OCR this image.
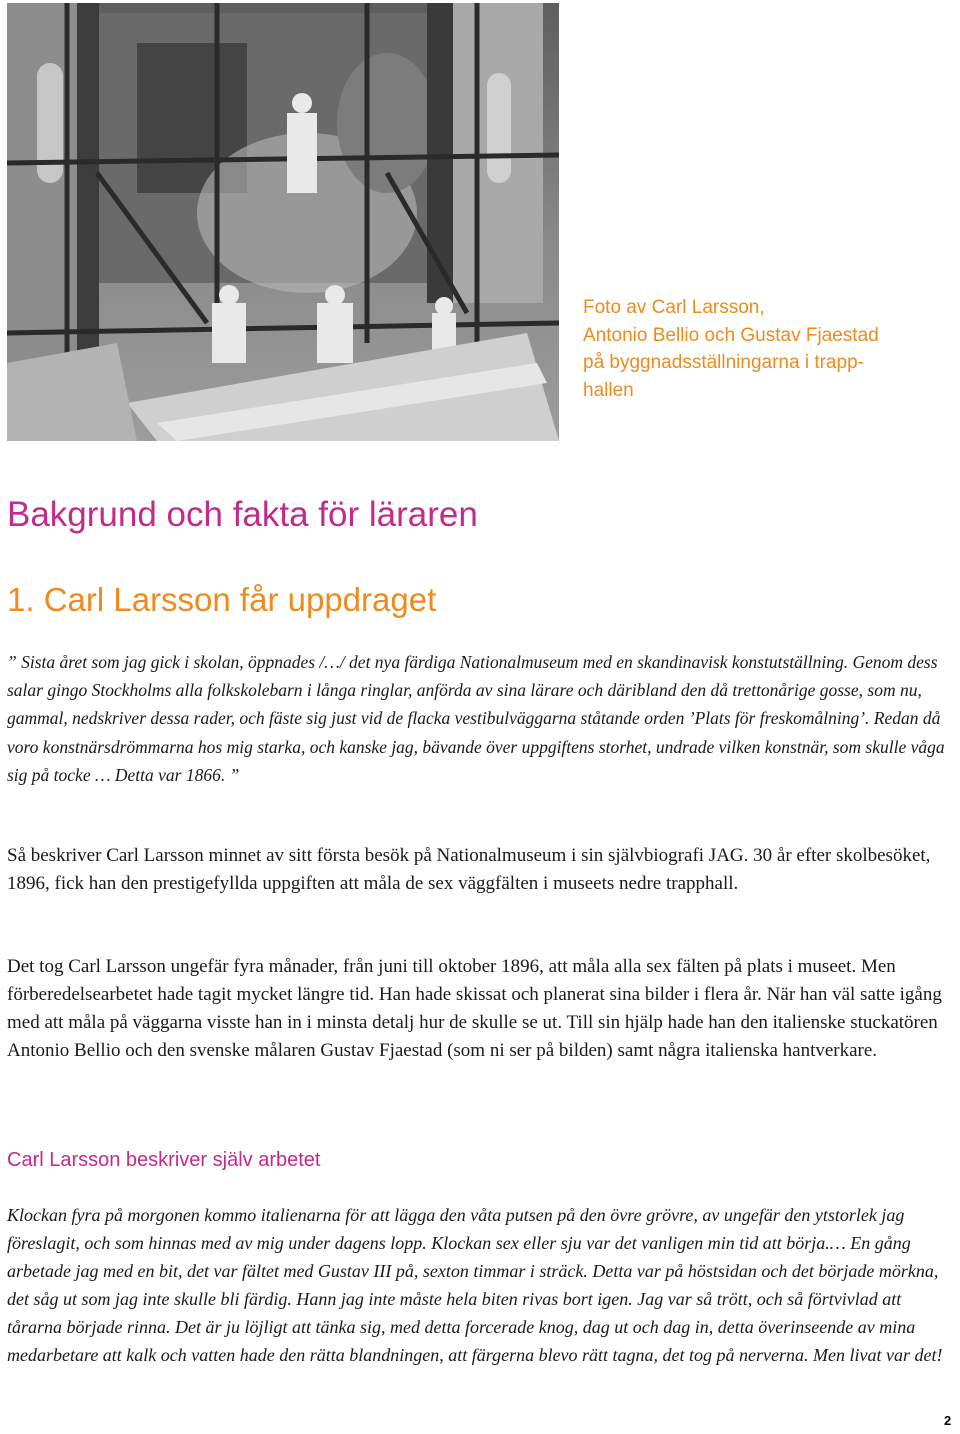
Foto av Carl Larsson,
Antonio Bellio och Gustav Fjaestad
på byggnadsställningarna i trapp-
hallen
Bakgrund och fakta för läraren
1. Carl Larsson får uppdraget

” Sista året som jag gick i skolan, öppnades /…/ det nya färdiga Nationalmuseum med en skandinavisk konstutställning. Genom dess salar gingo Stockholms alla folkskolebarn i långa ringlar, anförda av sina lärare och däribland den då trettonårige gosse, som nu, gammal, nedskriver dessa rader, och fäste sig just vid de flacka vestibulväggarna ståtande orden ’Plats för freskomålning’. Redan då voro konstnärsdrömmarna hos mig starka, och kanske jag, bävande över uppgiftens storhet, undrade vilken konstnär, som skulle våga sig på tocke … Detta var 1866. ”

Så beskriver Carl Larsson minnet av sitt första besök på Nationalmuseum i sin självbiografi JAG. 30 år efter skolbesöket, 1896, fick han den prestigefyllda uppgiften att måla de sex väggfälten i museets nedre trapphall.

Det tog Carl Larsson ungefär fyra månader, från juni till oktober 1896, att måla alla sex fälten på plats i museet. Men förberedelsearbetet hade tagit mycket längre tid. Han hade skissat och planerat sina bilder i flera år. När han väl satte igång med att måla på väggarna visste han in i minsta detalj hur de skulle se ut. Till sin hjälp hade han den italienske stuckatören Antonio Bellio och den svenske målaren Gustav Fjaestad (som ni ser på bilden) samt några italienska hantverkare.

Carl Larsson beskriver själv arbetet

Klockan fyra på morgonen kommo italienarna för att lägga den våta putsen på den övre grövre, av ungefär den ytstorlek jag föreslagit, och som hinnas med av mig under dagens lopp. Klockan sex eller sju var det vanligen min tid att börja.… En gång arbetade jag med en bit, det var fältet med Gustav III på, sexton timmar i sträck. Detta var på höstsidan och det började mörkna, det såg ut som jag inte skulle bli färdig. Hann jag inte måste hela biten rivas bort igen. Jag var så trött, och så förtvivlad att tårarna började rinna. Det är ju löjligt att tänka sig, med detta forcerade knog, dag ut och dag in, detta överinseende av mina medarbetare att kalk och vatten hade den rätta blandningen, att färgerna blevo rätt tagna, det tog på nerverna. Men livat var det!

2
